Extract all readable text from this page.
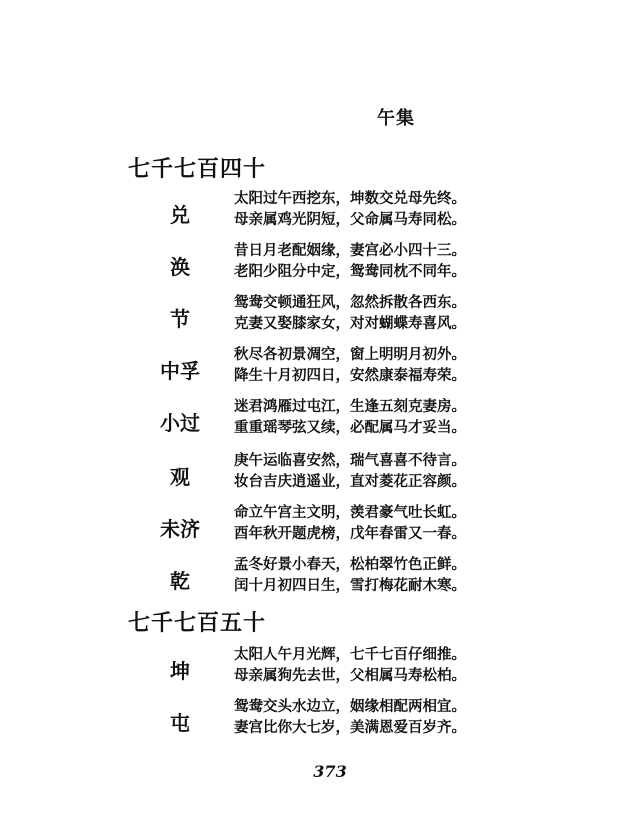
午集
七千七百四十
兑
太阳过午西挖东，坤数交兑母先终。
母亲属鸡光阴短，父命属马寿同松。
涣
昔日月老配姻缘，妻宫必小四十三。
老阳少阻分中定，鸳鸯同枕不同年。
节
鸳鸯交顿通狂风，忽然拆散各西东。
克妻又娶膝家女，对对蝴蝶寿喜风。
中孚
秋尽各初景凋空，窗上明明月初外。
降生十月初四日，安然康泰福寿荣。
小过
迷君鸿雁过屯江，生逢五刻克妻房。
重重瑶琴弦又续，必配属马才妥当。
观
庚午运临喜安然，瑞气喜喜不待言。
妆台吉庆逍遥业，直对菱花正容颜。
未济
命立午宫主文明，羡君豪气吐长虹。
酉年秋开题虎榜，戊年春雷又一春。
乾
孟冬好景小春天，松柏翠竹色正鲜。
闰十月初四日生，雪打梅花耐木寒。
七千七百五十
坤
太阳人午月光辉，七千七百仔细推。
母亲属狗先去世，父相属马寿松柏。
屯
鸳鸯交头水边立，姻缘相配两相宜。
妻宫比你大七岁，美满恩爱百岁齐。
373
